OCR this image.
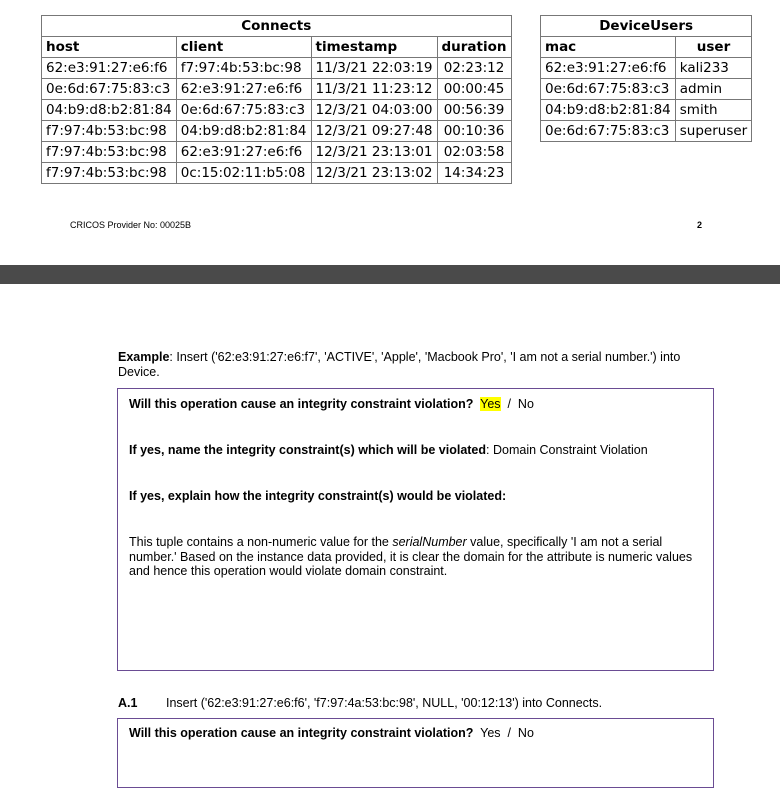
Connects			
host	client	timestamp	duration
62:e3:91:27:e6:f6	f7:97:4b:53:bc:98	11/3/21 22:03:19	02:23:12
0e:6d:67:75:83:c3	62:e3:91:27:e6:f6	11/3/21 11:23:12	00:00:45
04:b9:d8:b2:81:84	0e:6d:67:75:83:c3	12/3/21 04:03:00	00:56:39
f7:97:4b:53:bc:98	04:b9:d8:b2:81:84	12/3/21 09:27:48	00:10:36
f7:97:4b:53:bc:98	62:e3:91:27:e6:f6	12/3/21 23:13:01	02:03:58
f7:97:4b:53:bc:98	0c:15:02:11:b5:08	12/3/21 23:13:02	14:34:23
DeviceUsers	
mac	user
62:e3:91:27:e6:f6	kali233
0e:6d:67:75:83:c3	admin
04:b9:d8:b2:81:84	smith
0e:6d:67:75:83:c3	superuser
CRICOS Provider No: 00025B	2
Example: Insert ('62:e3:91:27:e6:f7', 'ACTIVE', 'Apple', 'Macbook Pro', 'I am not a serial number.') into Device.
Will this operation cause an integrity constraint violation? Yes / No
If yes, name the integrity constraint(s) which will be violated: Domain Constraint Violation
If yes, explain how the integrity constraint(s) would be violated:
This tuple contains a non-numeric value for the serialNumber value, specifically 'I am not a serial number.' Based on the instance data provided, it is clear the domain for the attribute is numeric values and hence this operation would violate domain constraint.
A.1 Insert ('62:e3:91:27:e6:f6', 'f7:97:4a:53:bc:98', NULL, '00:12:13') into Connects.
Will this operation cause an integrity constraint violation? Yes / No
